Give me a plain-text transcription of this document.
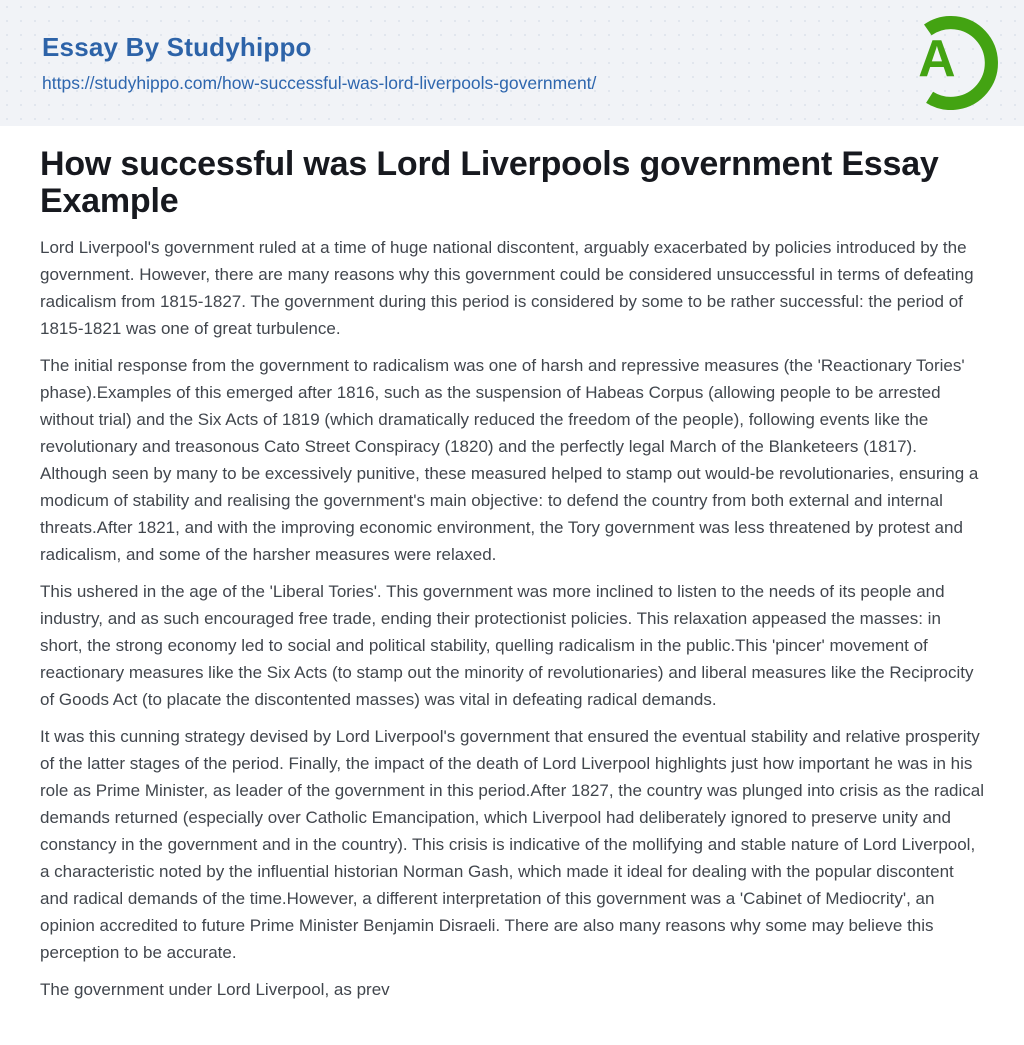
Essay By Studyhippo
https://studyhippo.com/how-successful-was-lord-liverpools-government/	A
How successful was Lord Liverpools government Essay Example

Lord Liverpool's government ruled at a time of huge national discontent, arguably exacerbated by policies introduced by the government. However, there are many reasons why this government could be considered unsuccessful in terms of defeating radicalism from 1815-1827. The government during this period is considered by some to be rather successful: the period of 1815-1821 was one of great turbulence.

The initial response from the government to radicalism was one of harsh and repressive measures (the 'Reactionary Tories' phase).Examples of this emerged after 1816, such as the suspension of Habeas Corpus (allowing people to be arrested without trial) and the Six Acts of 1819 (which dramatically reduced the freedom of the people), following events like the revolutionary and treasonous Cato Street Conspiracy (1820) and the perfectly legal March of the Blanketeers (1817). Although seen by many to be excessively punitive, these measured helped to stamp out would-be revolutionaries, ensuring a modicum of stability and realising the government's main objective: to defend the country from both external and internal threats.After 1821, and with the improving economic environment, the Tory government was less threatened by protest and radicalism, and some of the harsher measures were relaxed.

This ushered in the age of the 'Liberal Tories'. This government was more inclined to listen to the needs of its people and industry, and as such encouraged free trade, ending their protectionist policies. This relaxation appeased the masses: in short, the strong economy led to social and political stability, quelling radicalism in the public.This 'pincer' movement of reactionary measures like the Six Acts (to stamp out the minority of revolutionaries) and liberal measures like the Reciprocity of Goods Act (to placate the discontented masses) was vital in defeating radical demands.

It was this cunning strategy devised by Lord Liverpool's government that ensured the eventual stability and relative prosperity of the latter stages of the period. Finally, the impact of the death of Lord Liverpool highlights just how important he was in his role as Prime Minister, as leader of the government in this period.After 1827, the country was plunged into crisis as the radical demands returned (especially over Catholic Emancipation, which Liverpool had deliberately ignored to preserve unity and constancy in the government and in the country). This crisis is indicative of the mollifying and stable nature of Lord Liverpool, a characteristic noted by the influential historian Norman Gash, which made it ideal for dealing with the popular discontent and radical demands of the time.However, a different interpretation of this government was a 'Cabinet of Mediocrity', an opinion accredited to future Prime Minister Benjamin Disraeli. There are also many reasons why some may believe this perception to be accurate.

The government under Lord Liverpool, as prev
